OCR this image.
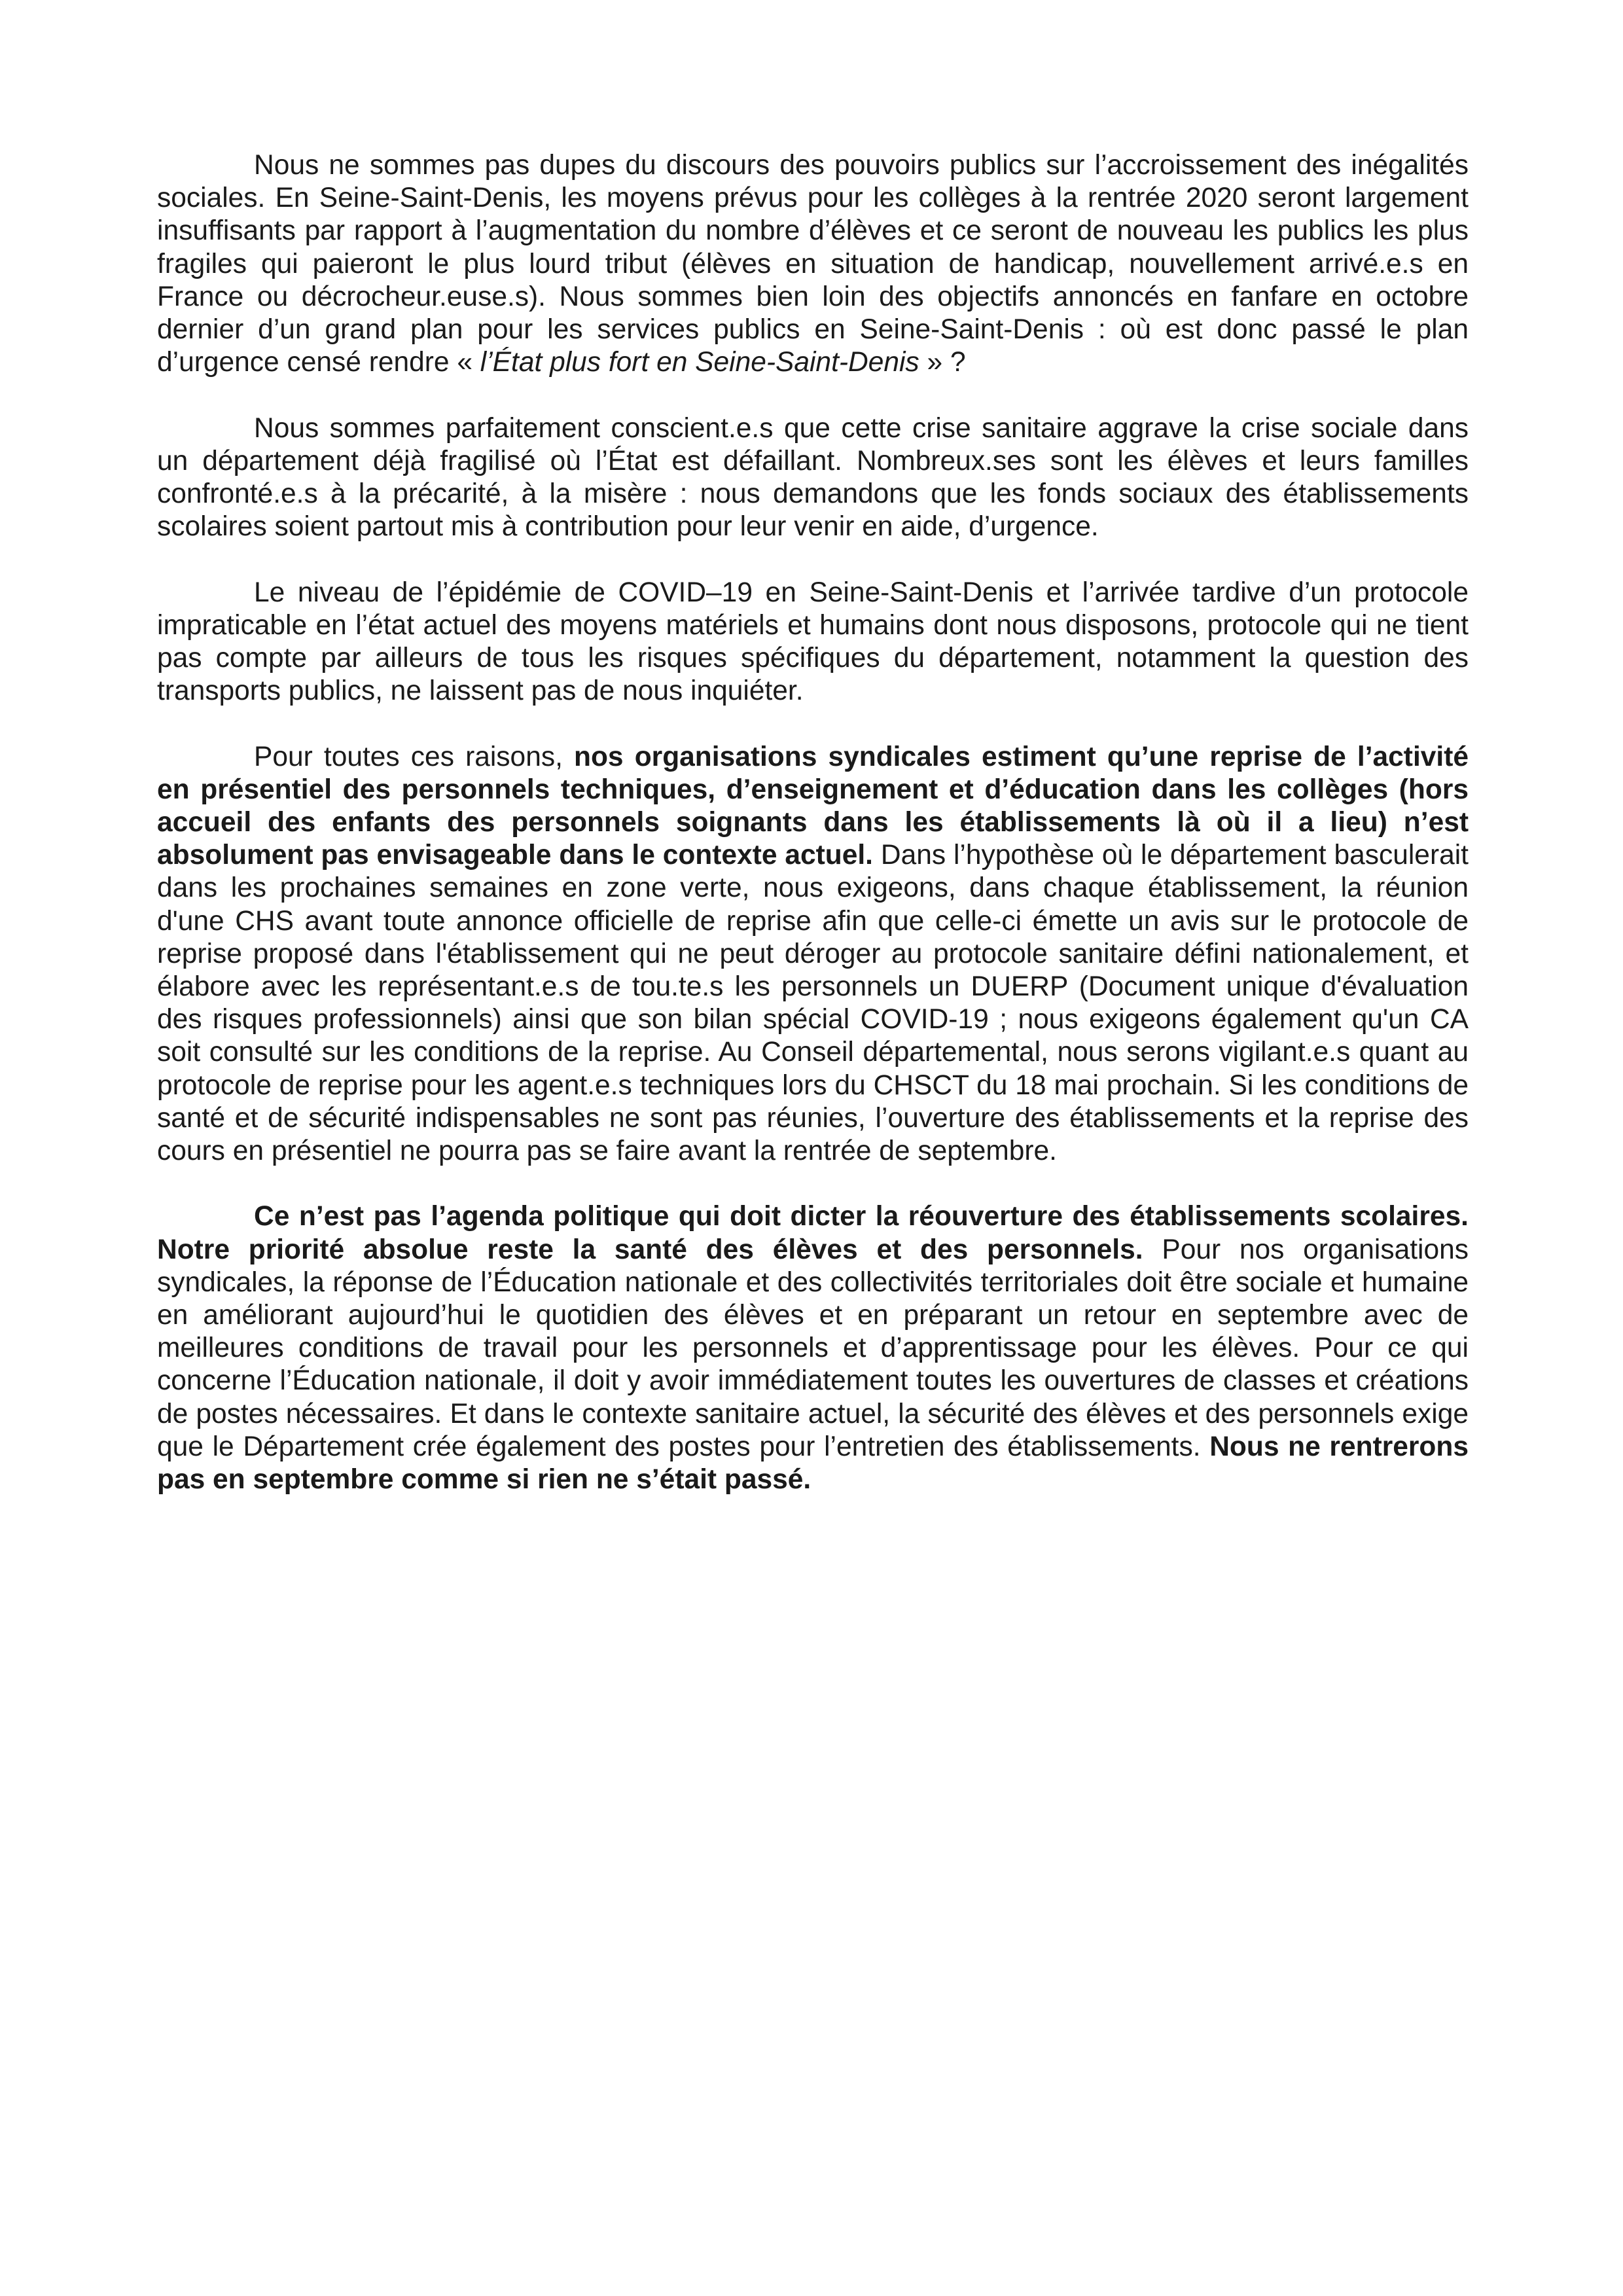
Nous ne sommes pas dupes du discours des pouvoirs publics sur l’accroissement des inégalités sociales. En Seine-Saint-Denis, les moyens prévus pour les collèges à la rentrée 2020 seront largement insuffisants par rapport à l’augmentation du nombre d’élèves et ce seront de nouveau les publics les plus fragiles qui paieront le plus lourd tribut (élèves en situation de handicap, nouvellement arrivé.e.s en France ou décrocheur.euse.s). Nous sommes bien loin des objectifs annoncés en fanfare en octobre dernier d’un grand plan pour les services publics en Seine-Saint-Denis : où est donc passé le plan d’urgence censé rendre « l’État plus fort en Seine-Saint-Denis » ?

Nous sommes parfaitement conscient.e.s que cette crise sanitaire aggrave la crise sociale dans un département déjà fragilisé où l’État est défaillant. Nombreux.ses sont les élèves et leurs familles confronté.e.s à la précarité, à la misère : nous demandons que les fonds sociaux des établissements scolaires soient partout mis à contribution pour leur venir en aide, d’urgence.

Le niveau de l’épidémie de COVID–19 en Seine-Saint-Denis et l’arrivée tardive d’un protocole impraticable en l’état actuel des moyens matériels et humains dont nous disposons, protocole qui ne tient pas compte par ailleurs de tous les risques spécifiques du département, notamment la question des transports publics, ne laissent pas de nous inquiéter.

Pour toutes ces raisons, nos organisations syndicales estiment qu’une reprise de l’activité en présentiel des personnels techniques, d’enseignement et d’éducation dans les collèges (hors accueil des enfants des personnels soignants dans les établissements là où il a lieu) n’est absolument pas envisageable dans le contexte actuel. Dans l’hypothèse où le département basculerait dans les prochaines semaines en zone verte, nous exigeons, dans chaque établissement, la réunion d'une CHS avant toute annonce officielle de reprise afin que celle-ci émette un avis sur le protocole de reprise proposé dans l'établissement qui ne peut déroger au protocole sanitaire défini nationalement, et élabore avec les représentant.e.s de tou.te.s les personnels un DUERP (Document unique d'évaluation des risques professionnels) ainsi que son bilan spécial COVID-19 ; nous exigeons également qu'un CA soit consulté sur les conditions de la reprise. Au Conseil départemental, nous serons vigilant.e.s quant au protocole de reprise pour les agent.e.s techniques lors du CHSCT du 18 mai prochain. Si les conditions de santé et de sécurité indispensables ne sont pas réunies, l’ouverture des établissements et la reprise des cours en présentiel ne pourra pas se faire avant la rentrée de septembre.

Ce n’est pas l’agenda politique qui doit dicter la réouverture des établissements scolaires. Notre priorité absolue reste la santé des élèves et des personnels. Pour nos organisations syndicales, la réponse de l’Éducation nationale et des collectivités territoriales doit être sociale et humaine en améliorant aujourd’hui le quotidien des élèves et en préparant un retour en septembre avec de meilleures conditions de travail pour les personnels et d’apprentissage pour les élèves. Pour ce qui concerne l’Éducation nationale, il doit y avoir immédiatement toutes les ouvertures de classes et créations de postes nécessaires. Et dans le contexte sanitaire actuel, la sécurité des élèves et des personnels exige que le Département crée également des postes pour l’entretien des établissements. Nous ne rentrerons pas en septembre comme si rien ne s’était passé.
